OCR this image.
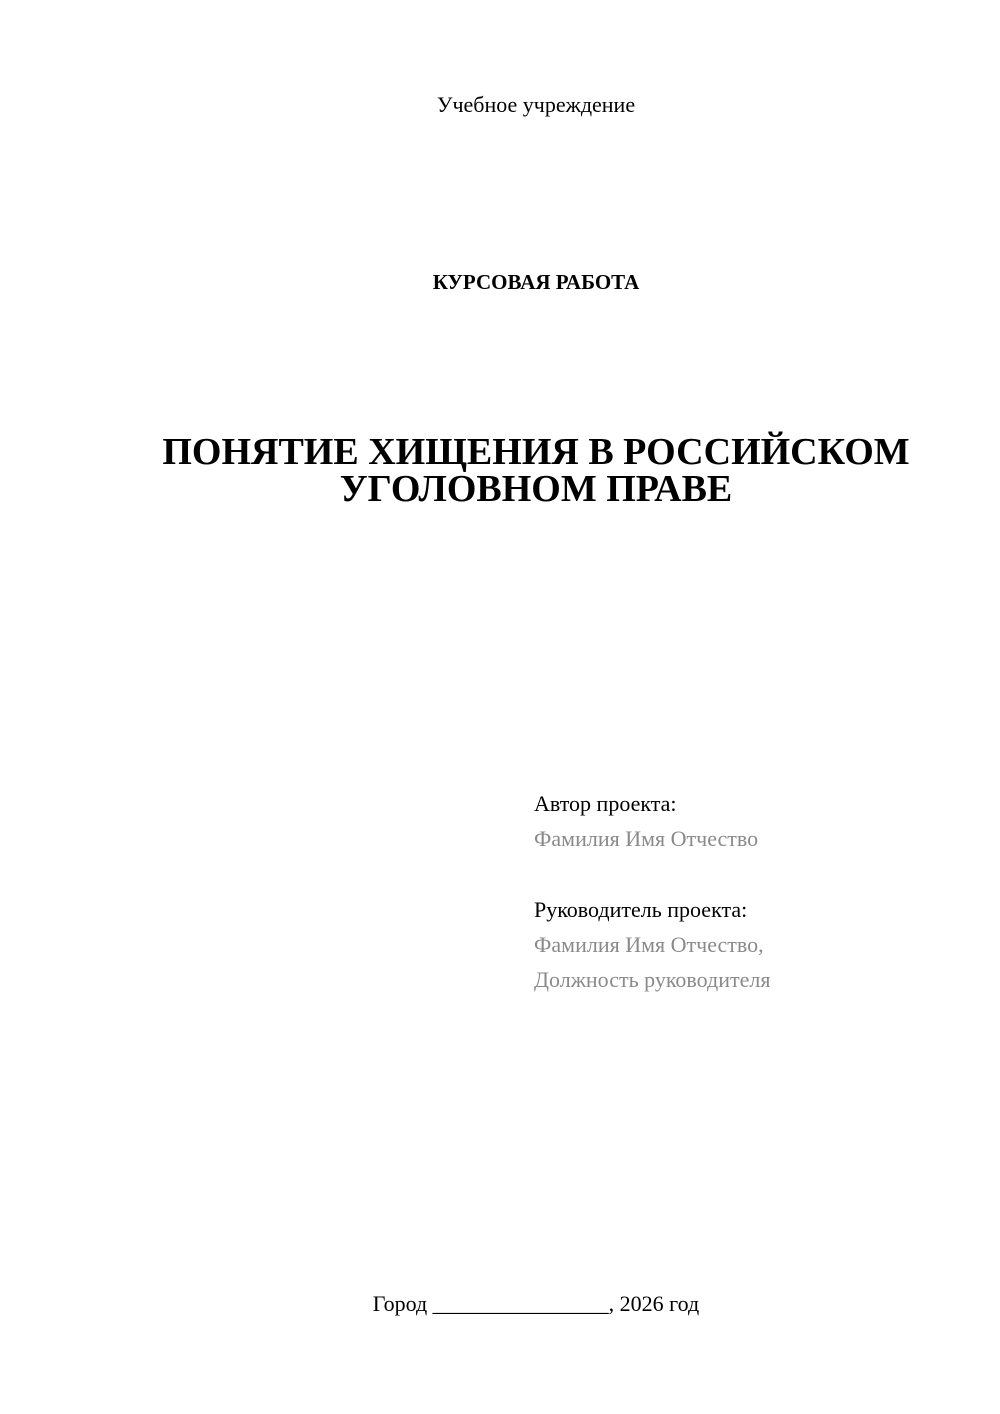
Учебное учреждение
КУРСОВАЯ РАБОТА
ПОНЯТИЕ ХИЩЕНИЯ В РОССИЙСКОМ
УГОЛОВНОМ ПРАВЕ
Автор проекта:
Фамилия Имя Отчество
Руководитель проекта:
Фамилия Имя Отчество,
Должность руководителя
Город ________________, 2026 год
